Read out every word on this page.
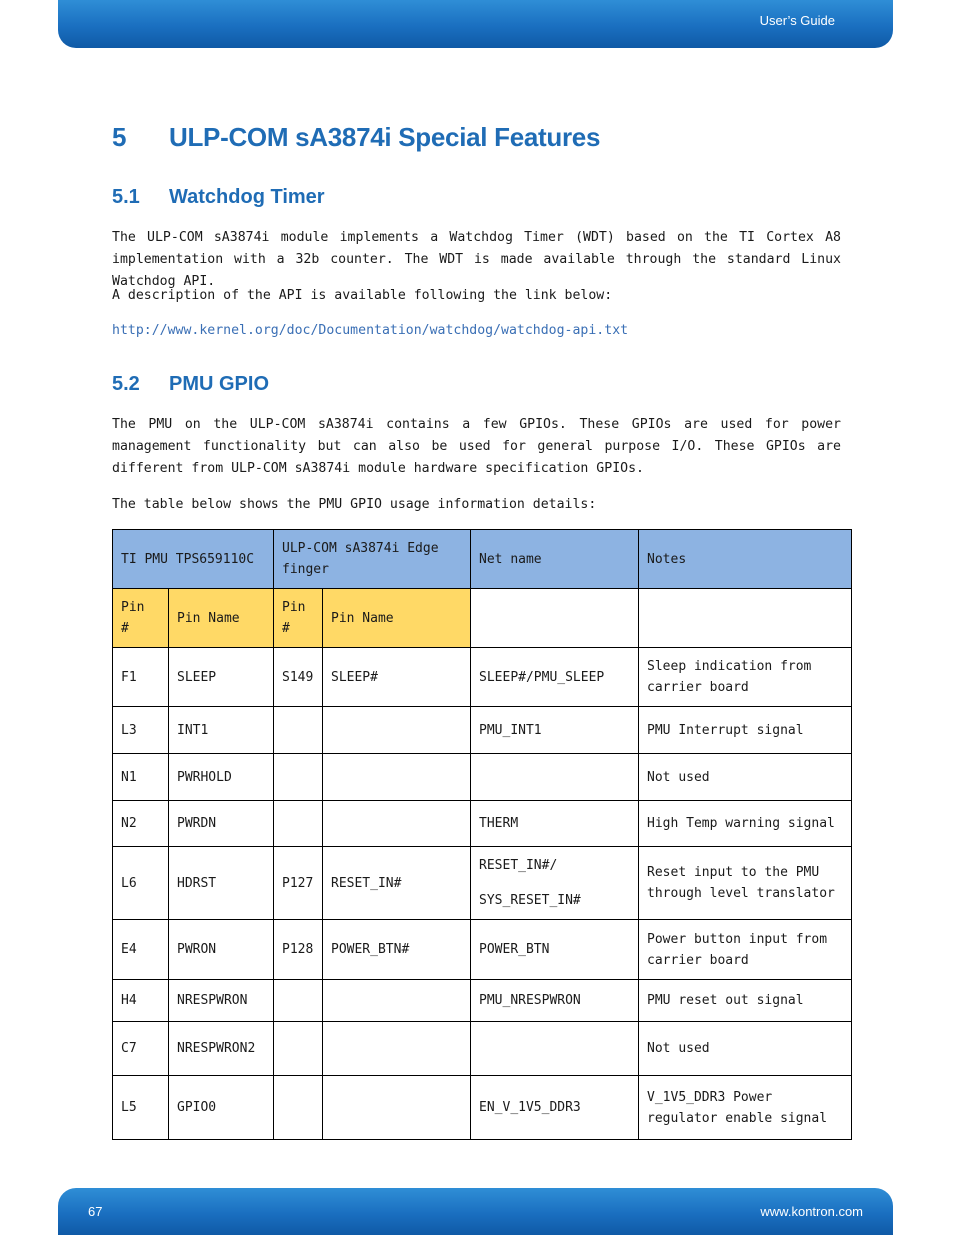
User’s Guide
5 ULP-COM sA3874i Special Features
5.1 Watchdog Timer

The ULP-COM sA3874i module implements a Watchdog Timer (WDT) based on the TI Cortex A8 implementation with a 32b counter. The WDT is made available through the standard Linux Watchdog API.

A description of the API is available following the link below:

http://www.kernel.org/doc/Documentation/watchdog/watchdog-api.txt

5.2 PMU GPIO

The PMU on the ULP-COM sA3874i contains a few GPIOs. These GPIOs are used for power management functionality but can also be used for general purpose I/O. These GPIOs are different from ULP-COM sA3874i module hardware specification GPIOs.

The table below shows the PMU GPIO usage information details:

TI PMU TPS659110C		ULP-COM sA3874i Edge finger		Net name	Notes
Pin #	Pin Name	Pin #	Pin Name		
F1	SLEEP	S149	SLEEP#	SLEEP#/PMU_SLEEP	Sleep indication from carrier board
L3	INT1			PMU_INT1	PMU Interrupt signal
N1	PWRHOLD				Not used
N2	PWRDN			THERM	High Temp warning signal
L6	HDRST	P127	RESET_IN#	RESET_IN#/
SYS_RESET_IN#	Reset input to the PMU through level translator
E4	PWRON	P128	POWER_BTN#	POWER_BTN	Power button input from carrier board
H4	NRESPWRON			PMU_NRESPWRON	PMU reset out signal
C7	NRESPWRON2				Not used
L5	GPIO0			EN_V_1V5_DDR3	V_1V5_DDR3 Power regulator enable signal
67	www.kontron.com
